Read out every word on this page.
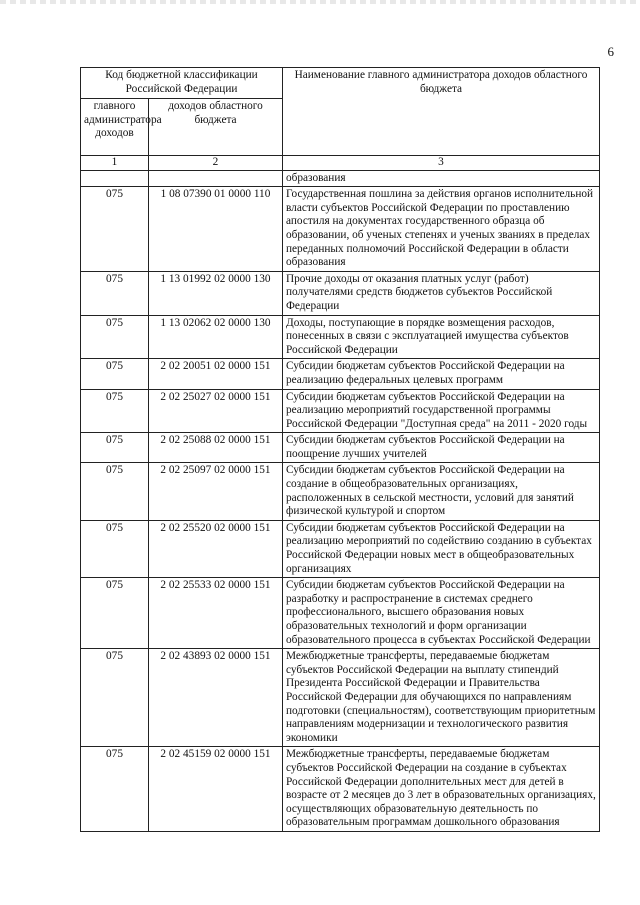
6
Код бюджетной классификации Российской Федерации		Наименование главного администратора доходов областного бюджета
главного администратора доходов	доходов областного бюджета	
1	2	3
		образования
075	1 08 07390 01 0000 110	Государственная пошлина за действия органов исполнительной власти субъектов Российской Федерации по проставлению апостиля на документах государственного образца об образовании, об ученых степенях и ученых званиях в пределах переданных полномочий Российской Федерации в области образования
075	1 13 01992 02 0000 130	Прочие доходы от оказания платных услуг (работ) получателями средств бюджетов субъектов Российской Федерации
075	1 13 02062 02 0000 130	Доходы, поступающие в порядке возмещения расходов, понесенных в связи с эксплуатацией имущества субъектов Российской Федерации
075	2 02 20051 02 0000 151	Субсидии бюджетам субъектов Российской Федерации на реализацию федеральных целевых программ
075	2 02 25027 02 0000 151	Субсидии бюджетам субъектов Российской Федерации на реализацию мероприятий государственной программы Российской Федерации "Доступная среда" на 2011 - 2020 годы
075	2 02 25088 02 0000 151	Субсидии бюджетам субъектов Российской Федерации на поощрение лучших учителей
075	2 02 25097 02 0000 151	Субсидии бюджетам субъектов Российской Федерации на создание в общеобразовательных организациях, расположенных в сельской местности, условий для занятий физической культурой и спортом
075	2 02 25520 02 0000 151	Субсидии бюджетам субъектов Российской Федерации на реализацию мероприятий по содействию созданию в субъектах Российской Федерации новых мест в общеобразовательных организациях
075	2 02 25533 02 0000 151	Субсидии бюджетам субъектов Российской Федерации на разработку и распространение в системах среднего профессионального, высшего образования новых образовательных технологий и форм организации образовательного процесса в субъектах Российской Федерации
075	2 02 43893 02 0000 151	Межбюджетные трансферты, передаваемые бюджетам субъектов Российской Федерации на выплату стипендий Президента Российской Федерации и Правительства Российской Федерации для обучающихся по направлениям подготовки (специальностям), соответствующим приоритетным направлениям модернизации и технологического развития экономики
075	2 02 45159 02 0000 151	Межбюджетные трансферты, передаваемые бюджетам субъектов Российской Федерации на создание в субъектах Российской Федерации дополнительных мест для детей в возрасте от 2 месяцев до 3 лет в образовательных организациях, осуществляющих образовательную деятельность по образовательным программам дошкольного образования
